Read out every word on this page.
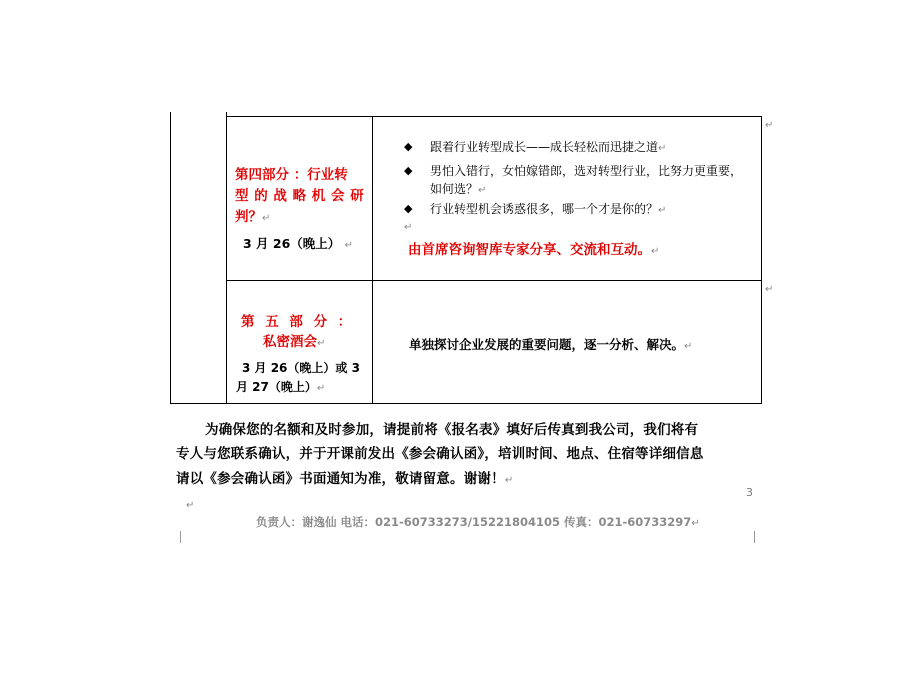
第四部分 ：行业转
型 的 战 略 机 会 研
判？↵
3 月 26（晚上） ↵
◆ 跟着行业转型成长——成长轻松而迅捷之道↵
◆ 男怕入错行，女怕嫁错郎，选对转型行业，比努力更重要，
如何选？↵
◆ 行业转型机会诱惑很多，哪一个才是你的？↵
↵
由首席咨询智库专家分享、交流和互动。↵
第 五 部 分 ：
私密酒会↵
3 月 26（晚上）或 3
月 27（晚上）↵
单独探讨企业发展的重要问题，逐一分析、解决。↵
↵
↵
为确保您的名额和及时参加，请提前将《报名表》填好后传真到我公司，我们将有
专人与您联系确认，并于开课前发出《参会确认函》，培训时间、地点、住宿等详细信息
请以《参会确认函》书面通知为准，敬请留意。谢谢！↵
3
↵
负责人：谢逸仙 电话：021-60733273/15221804105 传真：021-60733297↵
